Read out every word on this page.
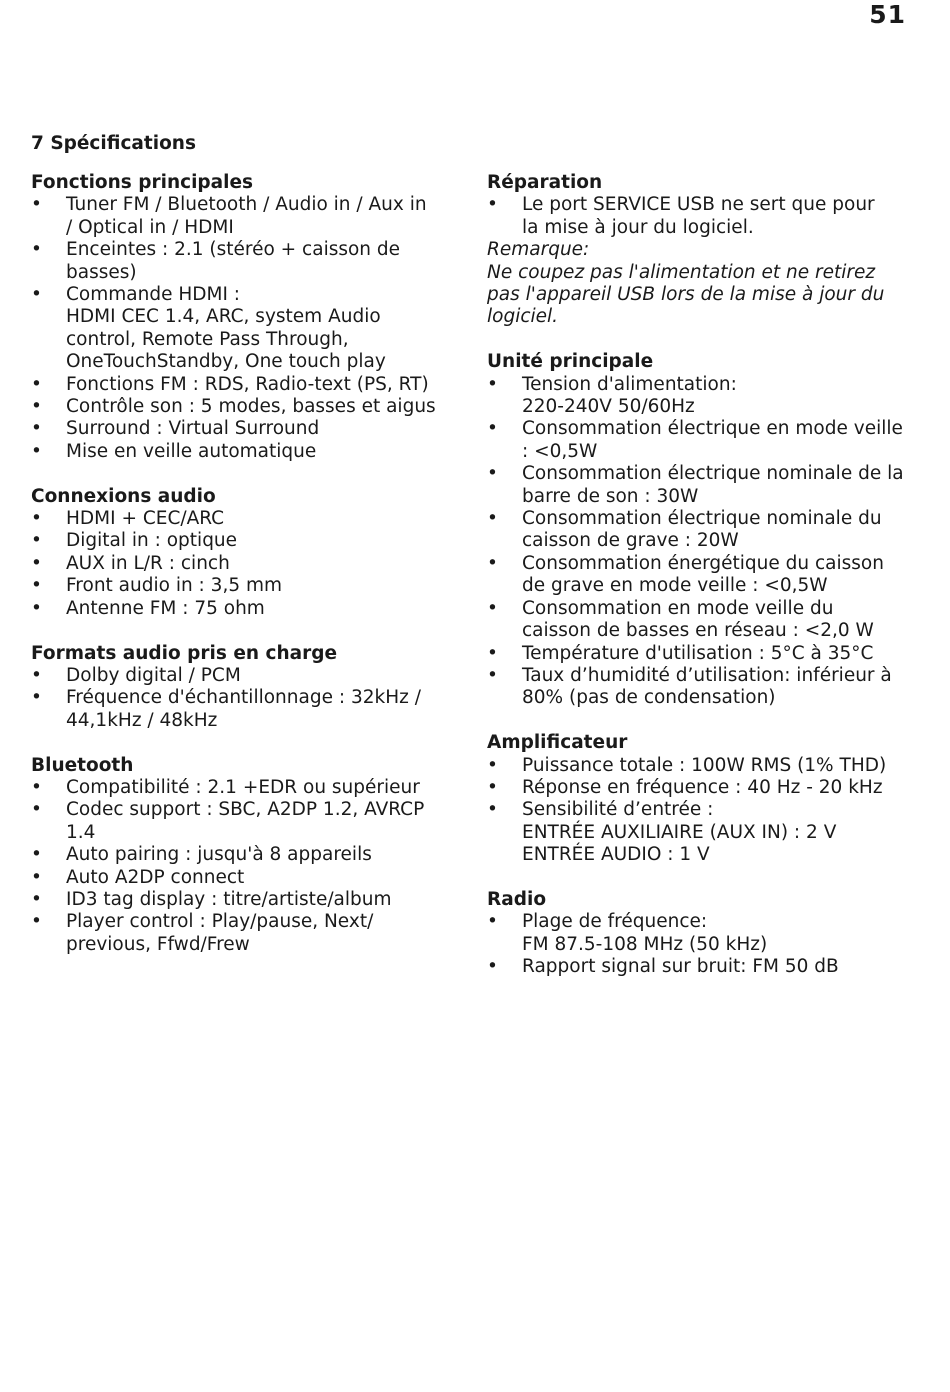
51
7 Spécifications
Fonctions principales
• Tuner FM / Bluetooth / Audio in / Aux in
/ Optical in / HDMI
• Enceintes : 2.1 (stéréo + caisson de
basses)
• Commande HDMI :
HDMI CEC 1.4, ARC, system Audio
control, Remote Pass Through,
OneTouchStandby, One touch play
• Fonctions FM : RDS, Radio-text (PS, RT)
• Contrôle son : 5 modes, basses et aigus
• Surround : Virtual Surround
• Mise en veille automatique
Connexions audio
• HDMI + CEC/ARC
• Digital in : optique
• AUX in L/R : cinch
• Front audio in : 3,5 mm
• Antenne FM : 75 ohm
Formats audio pris en charge
• Dolby digital / PCM
• Fréquence d'échantillonnage : 32kHz /
44,1kHz / 48kHz
Bluetooth
• Compatibilité : 2.1 +EDR ou supérieur
• Codec support : SBC, A2DP 1.2, AVRCP
1.4
• Auto pairing : jusqu'à 8 appareils
• Auto A2DP connect
• ID3 tag display : titre/artiste/album
• Player control : Play/pause, Next/
previous, Ffwd/Frew
Réparation
• Le port SERVICE USB ne sert que pour
la mise à jour du logiciel.
Remarque:
Ne coupez pas l'alimentation et ne retirez
pas l'appareil USB lors de la mise à jour du
logiciel.
Unité principale
• Tension d'alimentation:
220-240V 50/60Hz
• Consommation électrique en mode veille
: <0,5W
• Consommation électrique nominale de la
barre de son : 30W
• Consommation électrique nominale du
caisson de grave : 20W
• Consommation énergétique du caisson
de grave en mode veille : <0,5W
• Consommation en mode veille du
caisson de basses en réseau : <2,0 W
• Température d'utilisation : 5°C à 35°C
• Taux d’humidité d’utilisation: inférieur à
80% (pas de condensation)
Amplificateur
• Puissance totale : 100W RMS (1% THD)
• Réponse en fréquence : 40 Hz - 20 kHz
• Sensibilité d’entrée :
ENTRÉE AUXILIAIRE (AUX IN) : 2 V
ENTRÉE AUDIO : 1 V
Radio
• Plage de fréquence:
FM 87.5-108 MHz (50 kHz)
• Rapport signal sur bruit: FM 50 dB
